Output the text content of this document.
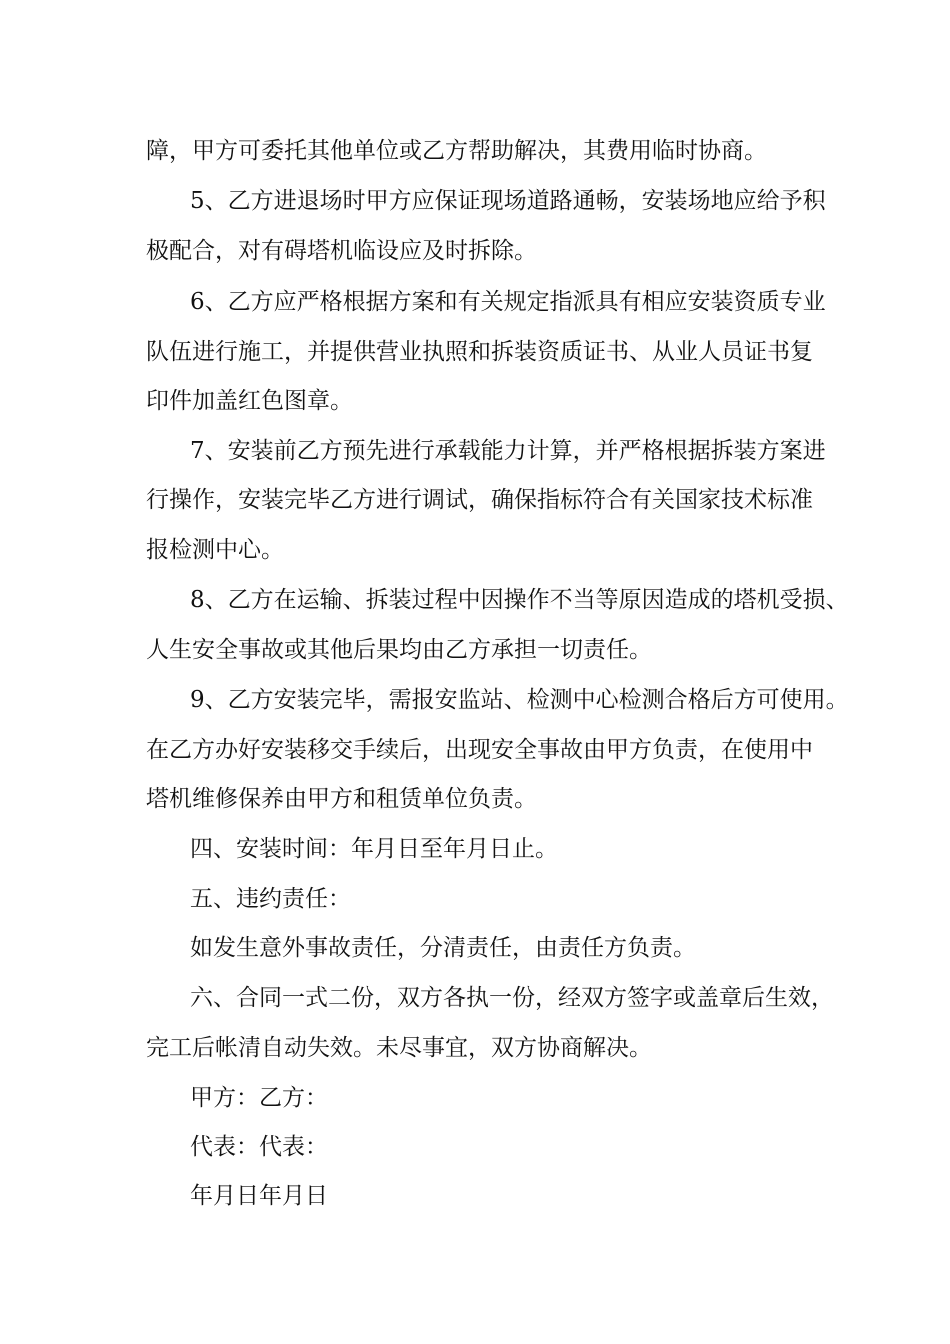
障，甲方可委托其他单位或乙方帮助解决，其费用临时协商。
5、乙方进退场时甲方应保证现场道路通畅，安装场地应给予积
极配合，对有碍塔机临设应及时拆除。
6、乙方应严格根据方案和有关规定指派具有相应安装资质专业
队伍进行施工，并提供营业执照和拆装资质证书、从业人员证书复
印件加盖红色图章。
7、安装前乙方预先进行承载能力计算，并严格根据拆装方案进
行操作，安装完毕乙方进行调试，确保指标符合有关国家技术标准
报检测中心。
8、乙方在运输、拆装过程中因操作不当等原因造成的塔机受损、
人生安全事故或其他后果均由乙方承担一切责任。
9、乙方安装完毕，需报安监站、检测中心检测合格后方可使用。
在乙方办好安装移交手续后，出现安全事故由甲方负责，在使用中
塔机维修保养由甲方和租赁单位负责。
四、安装时间：年月日至年月日止。
五、违约责任：
如发生意外事故责任，分清责任，由责任方负责。
六、合同一式二份，双方各执一份，经双方签字或盖章后生效，
完工后帐清自动失效。未尽事宜，双方协商解决。
甲方：乙方：
代表：代表：
年月日年月日
